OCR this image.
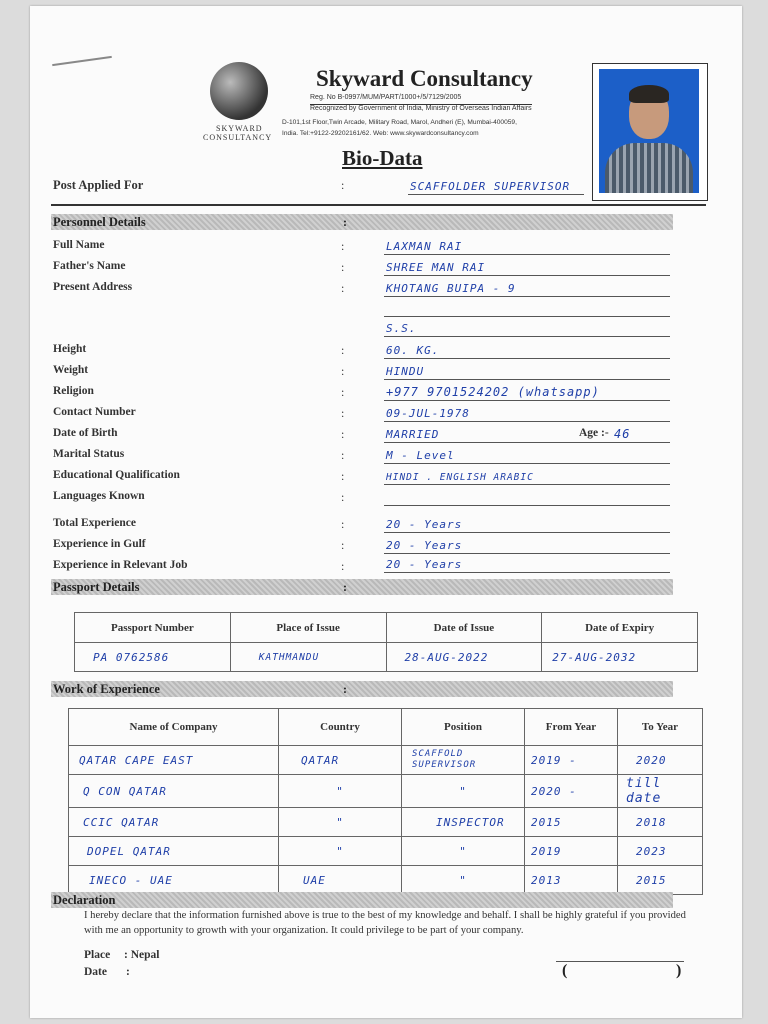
SKYWARD
CONSULTANCY
Skyward Consultancy
Reg. No B-0997/MUM/PART/1000+/5/7129/2005
Recognized by Government of India, Ministry of Overseas Indian Affairs
D-101,1st Floor,Twin Arcade, Military Road, Marol, Andheri (E), Mumbai-400059,
India. Tel:+9122-29202161/62. Web: www.skywardconsultancy.com
Bio-Data
Post Applied For	:	SCAFFOLDER SUPERVISOR
Personnel Details	:
Full Name	:	LAXMAN RAI
Father's Name	:	SHREE MAN RAI
Present Address	:	KHOTANG BUIPA - 9
S.S.
Height	:	60. KG.
Weight	:	HINDU
Religion	:	+977 9701524202 (whatsapp)
Contact Number	:	09-JUL-1978
Date of Birth	:	MARRIED	Age :- 46
Marital Status	:	M - Level
Educational Qualification	:	HINDI . ENGLISH ARABIC
Languages Known	:
Total Experience	:	20 - Years
Experience in Gulf	:	20 - Years
Experience in Relevant Job	:	20 - Years
Passport Details	:
Passport Number	Place of Issue	Date of Issue	Date of Expiry
PA 0762586	KATHMANDU	28-AUG-2022	27-AUG-2032
Work of Experience	:
Name of Company	Country	Position	From Year	To Year
QATAR CAPE EAST	QATAR	SCAFFOLD SUPERVISOR	2019 -	2020
Q CON QATAR	"	"	2020 -	till date
CCIC QATAR	"	INSPECTOR	2015	2018
DOPEL QATAR	"	"	2019	2023
INECO - UAE	UAE	"	2013	2015
Declaration
I hereby declare that the information furnished above is true to the best of my knowledge and behalf. I shall be highly grateful if you provided with me an opportunity to growth with your organization. It could privilege to be part of your company.
Place : Nepal
Date :	(	)
